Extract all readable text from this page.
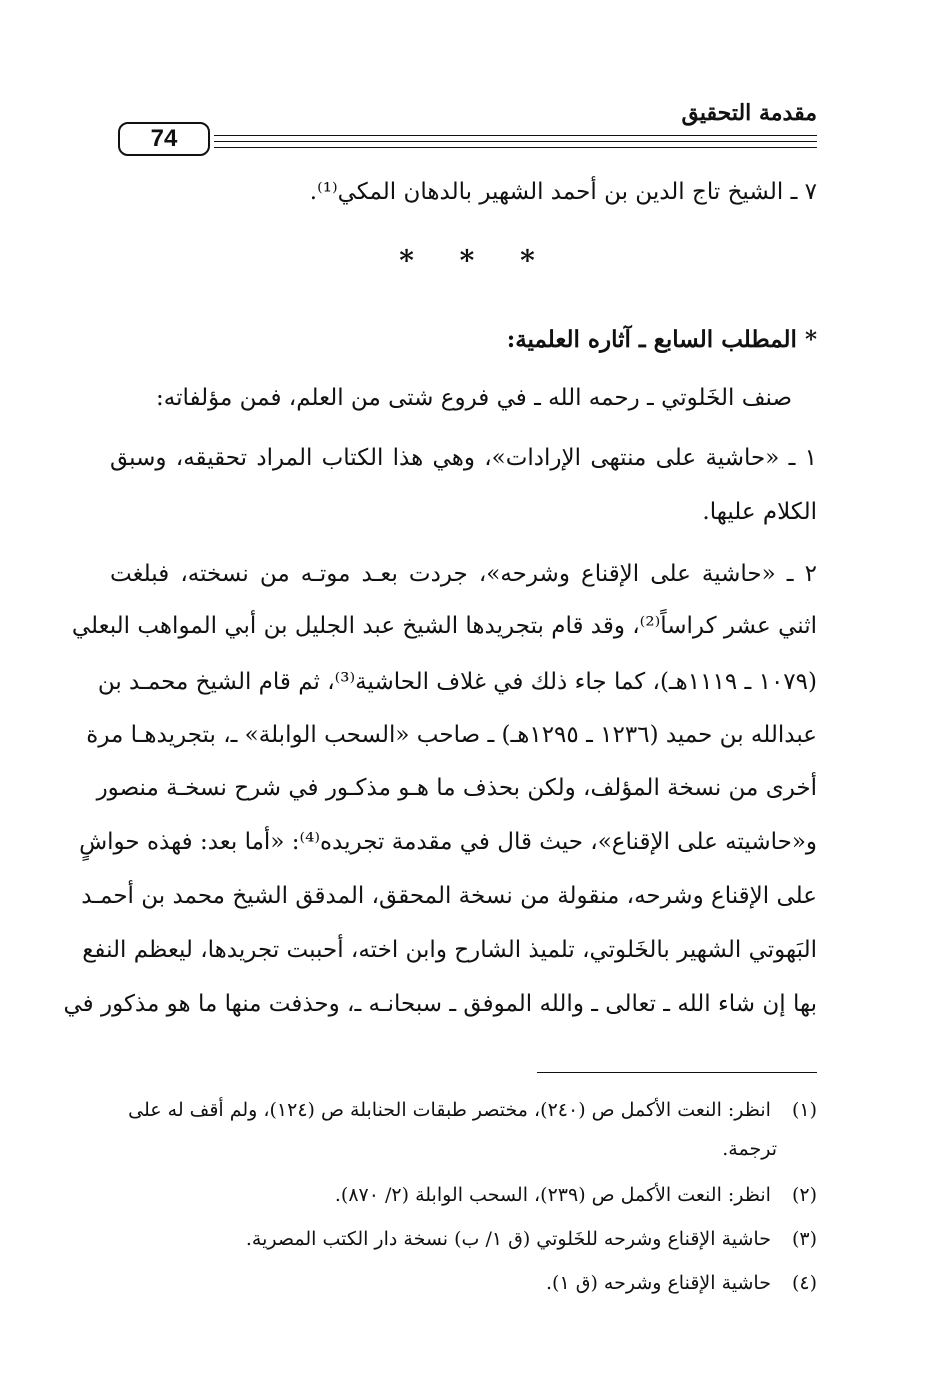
مقدمة التحقيق
74
٧ ـ الشيخ تاج الدين بن أحمد الشهير بالدهان المكي⁽¹⁾.
* * *
* المطلب السابع ـ آثاره العلمية:
صنف الخَلوتي ـ رحمه الله ـ في فروع شتى من العلم، فمن مؤلفاته:
١ ـ «حاشية على منتهى الإرادات»، وهي هذا الكتاب المراد تحقيقه، وسبق
الكلام عليها.
٢ ـ «حاشية على الإقناع وشرحه»، جردت بعـد موتـه من نسخته، فبلغت
اثني عشر كراساً⁽²⁾، وقد قام بتجريدها الشيخ عبد الجليل بن أبي المواهب البعلي
(١٠٧٩ ـ ١١١٩هـ)، كما جاء ذلك في غلاف الحاشية⁽³⁾، ثم قام الشيخ محمـد بن
عبدالله بن حميد (١٢٣٦ ـ ١٢٩٥هـ) ـ صاحب «السحب الوابلة» ـ، بتجريدهـا مرة
أخرى من نسخة المؤلف، ولكن بحذف ما هـو مذكـور في شرح نسخـة منصور
و«حاشيته على الإقناع»، حيث قال في مقدمة تجريده⁽⁴⁾: «أما بعد: فهذه حواشٍ
على الإقناع وشرحه، منقولة من نسخة المحقق، المدقق الشيخ محمد بن أحمـد
البَهوتي الشهير بالخَلوتي، تلميذ الشارح وابن اخته، أحببت تجريدها، ليعظم النفع
بها إن شاء الله ـ تعالى ـ والله الموفق ـ سبحانـه ـ، وحذفت منها ما هو مذكور في
(١) انظر: النعت الأكمل ص (٢٤٠)، مختصر طبقات الحنابلة ص (١٢٤)، ولم أقف له على
ترجمة.
(٢) انظر: النعت الأكمل ص (٢٣٩)، السحب الوابلة (٢/ ٨٧٠).
(٣) حاشية الإقناع وشرحه للخَلوتي (ق ١/ ب) نسخة دار الكتب المصرية.
(٤) حاشية الإقناع وشرحه (ق ١).
